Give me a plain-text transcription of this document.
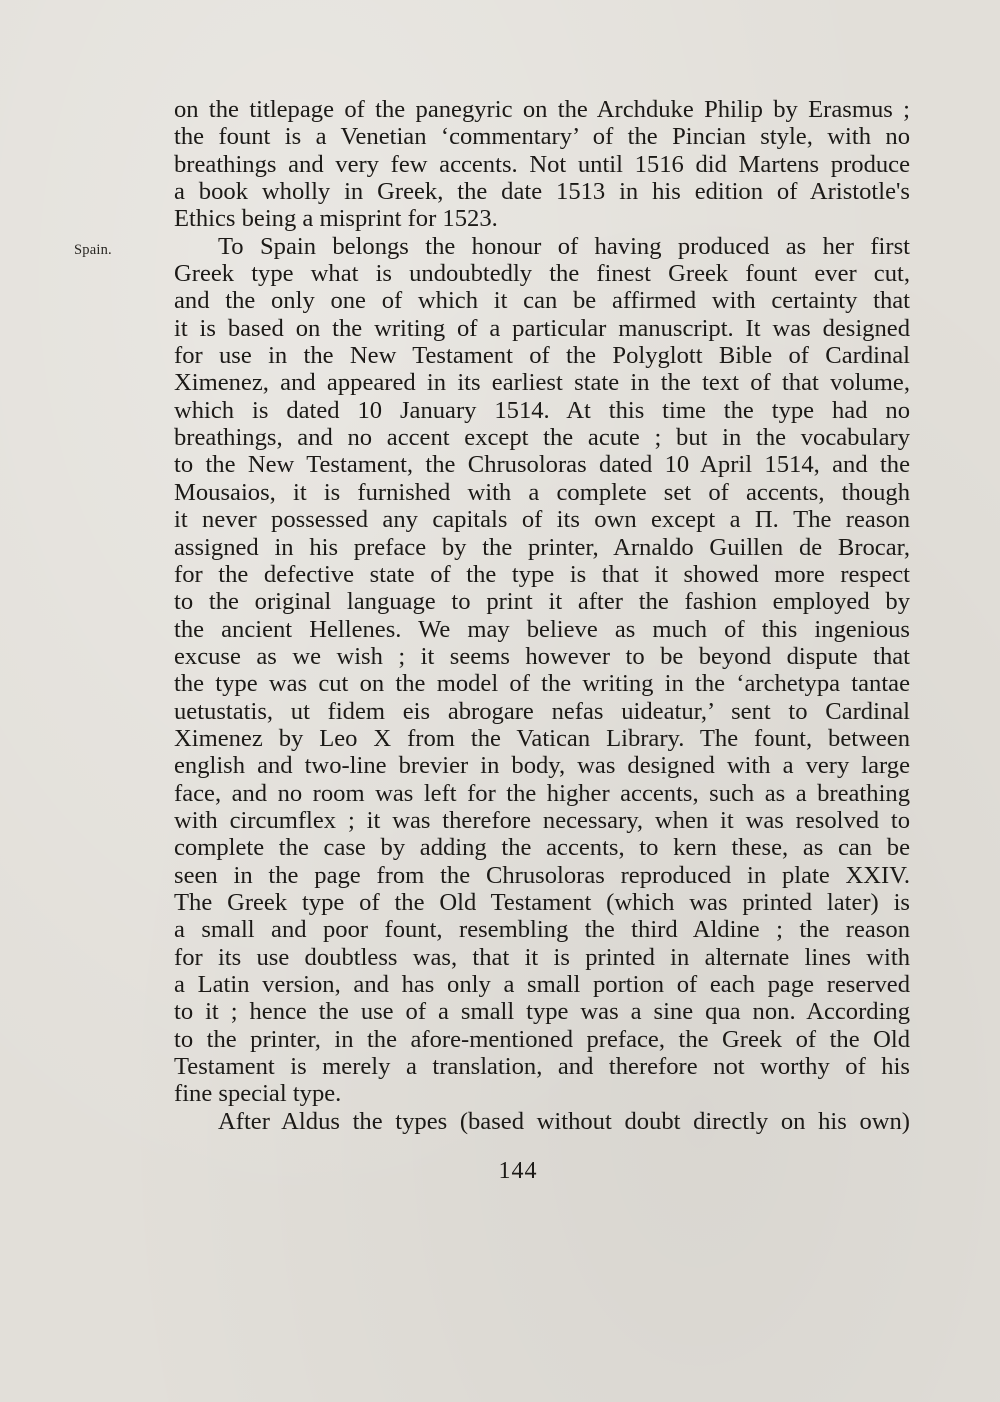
Spain.
on the titlepage of the panegyric on the Archduke Philip by Erasmus ;
the fount is a Venetian ‘commentary’ of the Pincian style, with no
breathings and very few accents. Not until 1516 did Martens produce
a book wholly in Greek, the date 1513 in his edition of Aristotle's
Ethics being a misprint for 1523.
To Spain belongs the honour of having produced as her first
Greek type what is undoubtedly the finest Greek fount ever cut,
and the only one of which it can be affirmed with certainty that
it is based on the writing of a particular manuscript. It was designed
for use in the New Testament of the Polyglott Bible of Cardinal
Ximenez, and appeared in its earliest state in the text of that volume,
which is dated 10 January 1514. At this time the type had no
breathings, and no accent except the acute ; but in the vocabulary
to the New Testament, the Chrusoloras dated 10 April 1514, and the
Mousaios, it is furnished with a complete set of accents, though
it never possessed any capitals of its own except a Π. The reason
assigned in his preface by the printer, Arnaldo Guillen de Brocar,
for the defective state of the type is that it showed more respect
to the original language to print it after the fashion employed by
the ancient Hellenes. We may believe as much of this ingenious
excuse as we wish ; it seems however to be beyond dispute that
the type was cut on the model of the writing in the ‘archetypa tantae
uetustatis, ut fidem eis abrogare nefas uideatur,’ sent to Cardinal
Ximenez by Leo X from the Vatican Library. The fount, between
english and two-line brevier in body, was designed with a very large
face, and no room was left for the higher accents, such as a breathing
with circumflex ; it was therefore necessary, when it was resolved to
complete the case by adding the accents, to kern these, as can be
seen in the page from the Chrusoloras reproduced in plate XXIV.
The Greek type of the Old Testament (which was printed later) is
a small and poor fount, resembling the third Aldine ; the reason
for its use doubtless was, that it is printed in alternate lines with
a Latin version, and has only a small portion of each page reserved
to it ; hence the use of a small type was a sine qua non. According
to the printer, in the afore-mentioned preface, the Greek of the Old
Testament is merely a translation, and therefore not worthy of his
fine special type.
After Aldus the types (based without doubt directly on his own)
144
